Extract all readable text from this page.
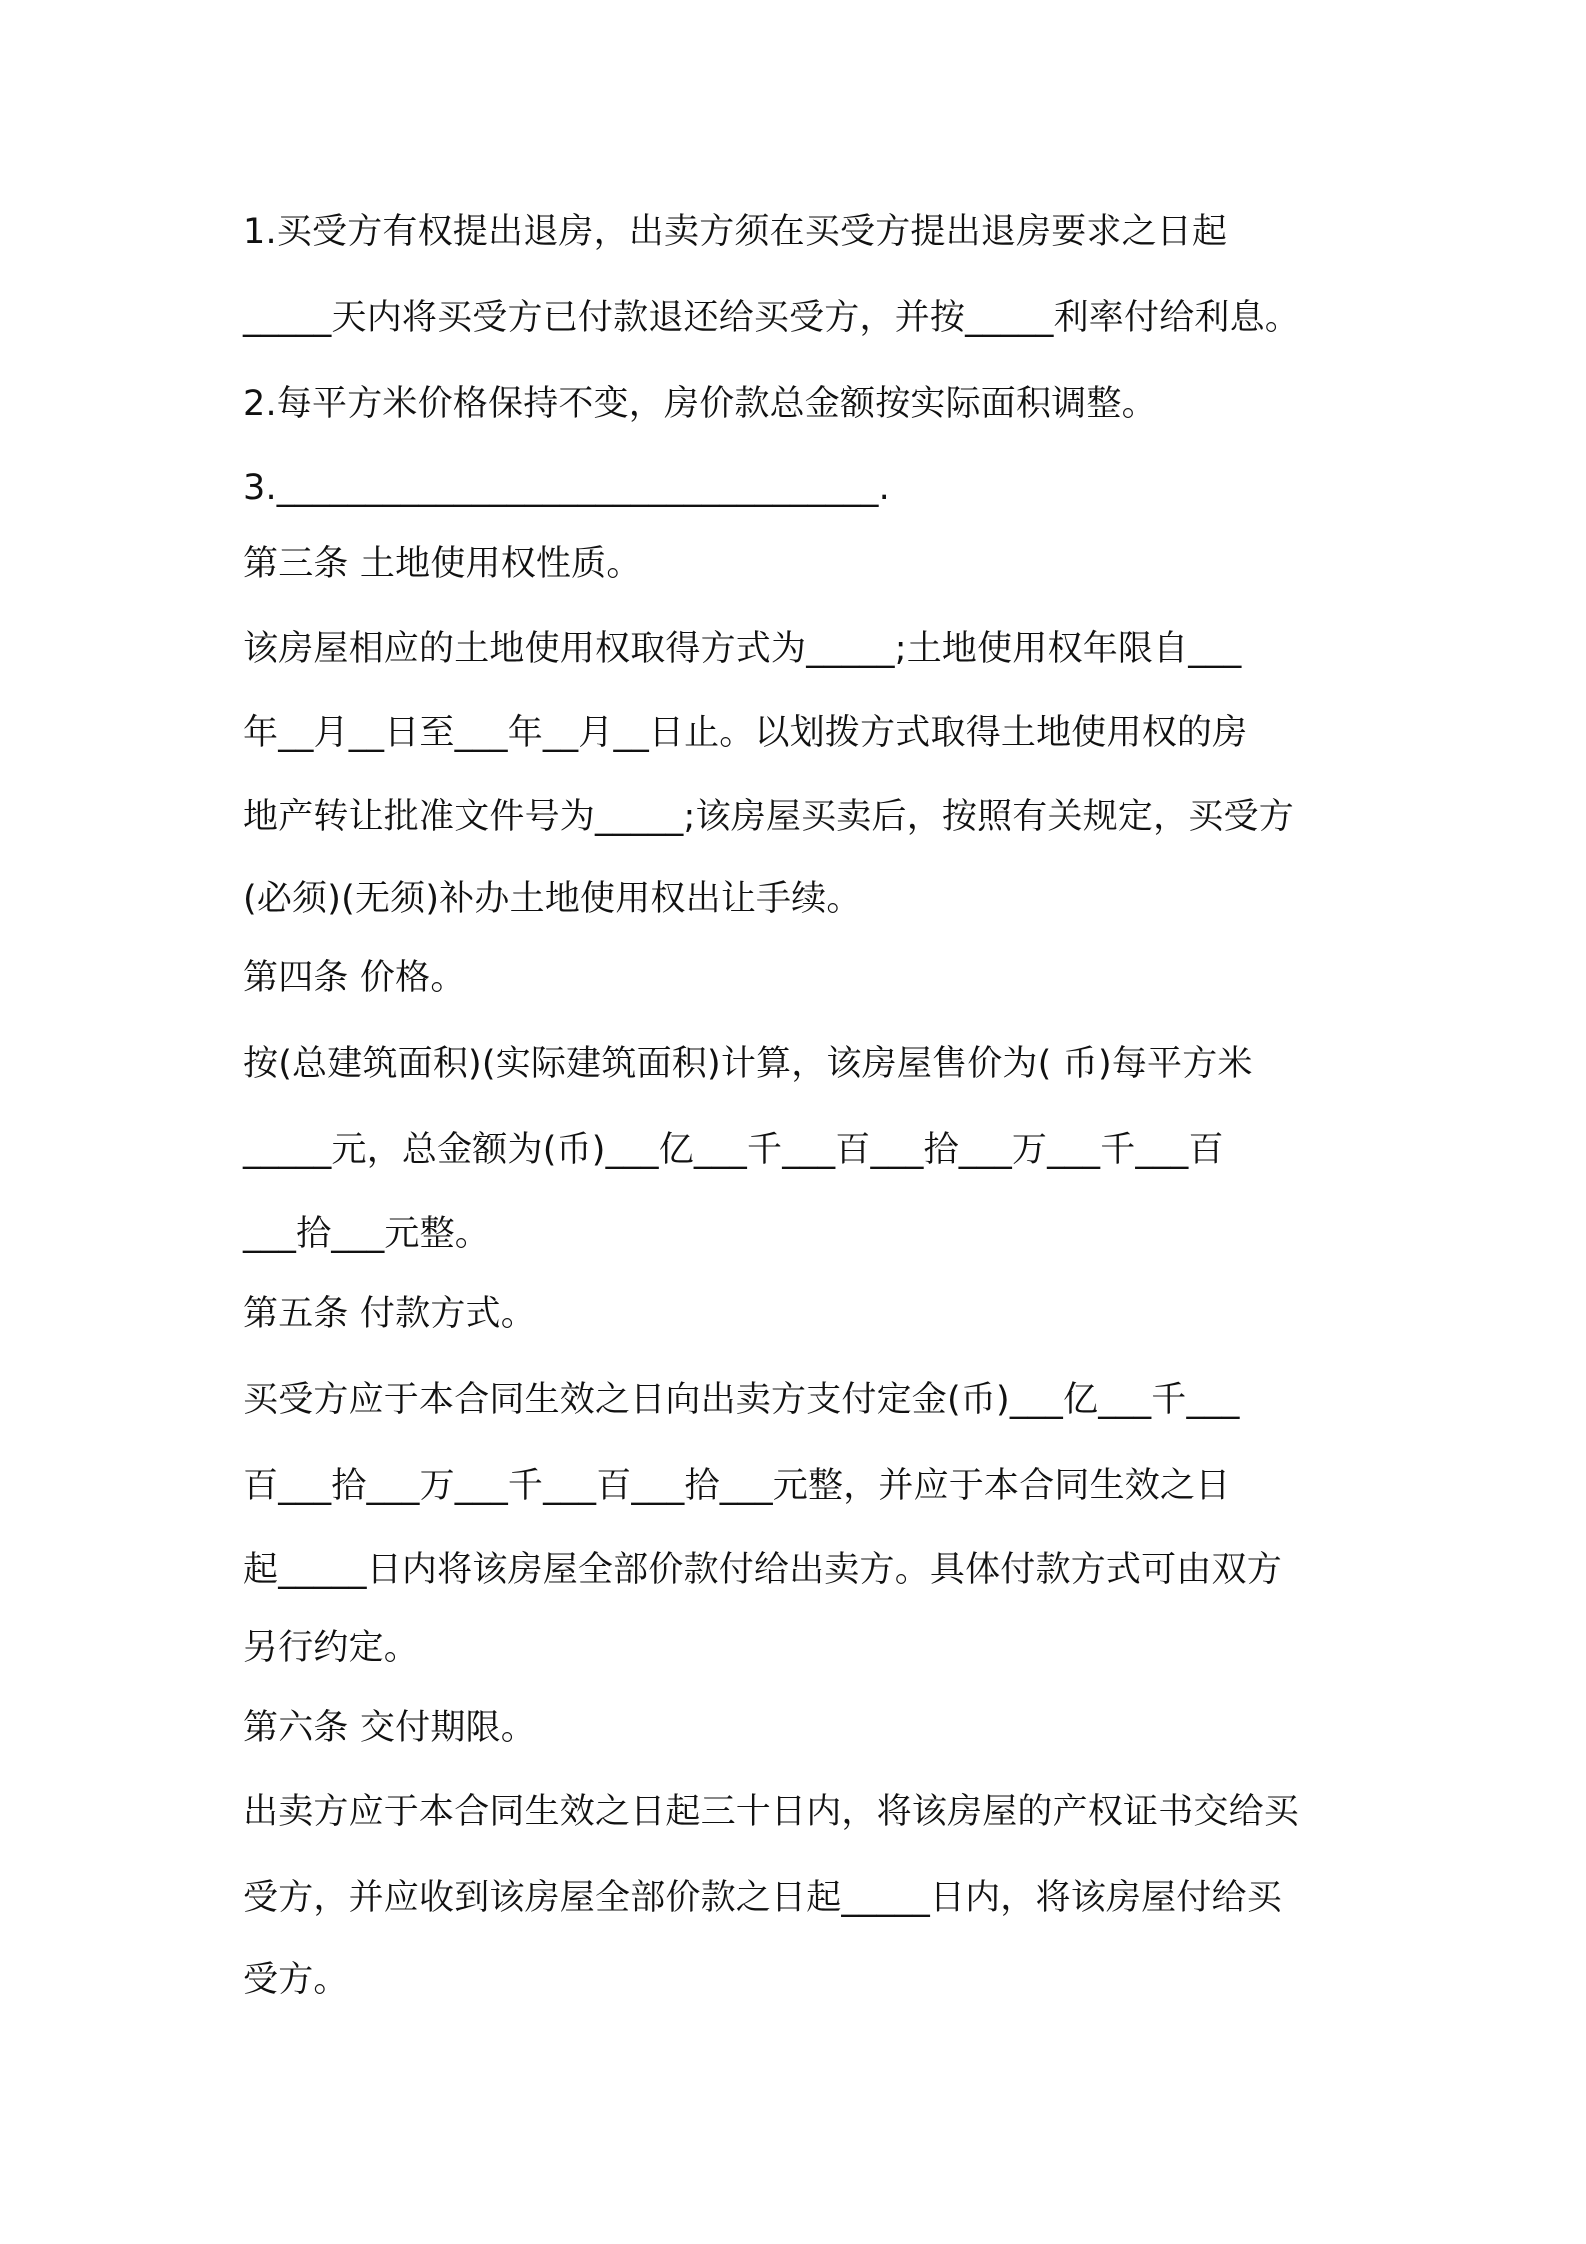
1.买受方有权提出退房，出卖方须在买受方提出退房要求之日起
_____天内将买受方已付款退还给买受方，并按_____利率付给利息。
2.每平方米价格保持不变，房价款总金额按实际面积调整。
3.__________________________________.
第三条 土地使用权性质。
该房屋相应的土地使用权取得方式为_____;土地使用权年限自___
年__月__日至___年__月__日止。以划拨方式取得土地使用权的房
地产转让批准文件号为_____;该房屋买卖后，按照有关规定，买受方
(必须)(无须)补办土地使用权出让手续。
第四条 价格。
按(总建筑面积)(实际建筑面积)计算，该房屋售价为( 币)每平方米
_____元，总金额为(币)___亿___千___百___拾___万___千___百
___拾___元整。
第五条 付款方式。
买受方应于本合同生效之日向出卖方支付定金(币)___亿___千___
百___拾___万___千___百___拾___元整，并应于本合同生效之日
起_____日内将该房屋全部价款付给出卖方。具体付款方式可由双方
另行约定。
第六条 交付期限。
出卖方应于本合同生效之日起三十日内，将该房屋的产权证书交给买
受方，并应收到该房屋全部价款之日起_____日内，将该房屋付给买
受方。
